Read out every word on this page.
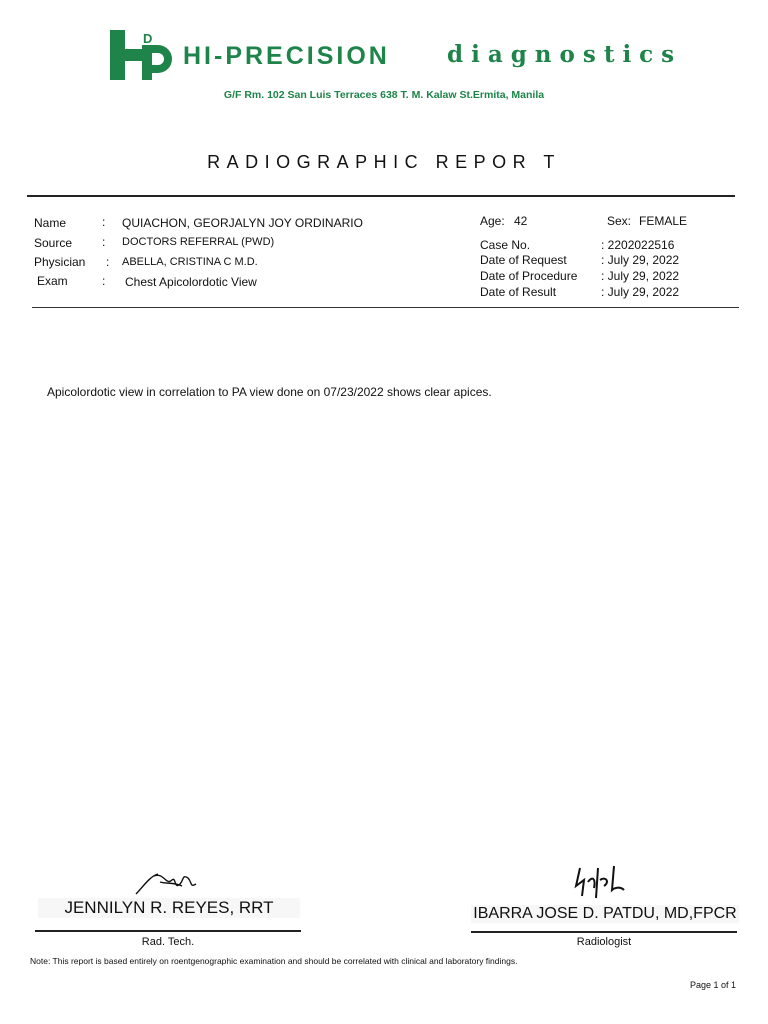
D
HI-PRECISION diagnostics
G/F Rm. 102 San Luis Terraces 638 T. M. Kalaw St.Ermita, Manila
RADIOGRAPHIC REPOR T
Name	: QUIACHON, GEORJALYN JOY ORDINARIO
Source : DOCTORS REFERRAL (PWD)
Physician : ABELLA, CRISTINA C M.D.
Exam	: Chest Apicolordotic View
Age: 42	Sex: FEMALE
Case No.	: 2202022516
Date of Request	: July 29, 2022
Date of Procedure : July 29, 2022
Date of Result	: July 29, 2022
Apicolordotic view in correlation to PA view done on 07/23/2022 shows clear apices.
JENNILYN R. REYES, RRT
Rad. Tech.
IBARRA JOSE D. PATDU, MD,FPCR
Radiologist
Note: This report is based entirely on roentgenographic examination and should be correlated with clinical and laboratory findings.
Page 1 of 1
